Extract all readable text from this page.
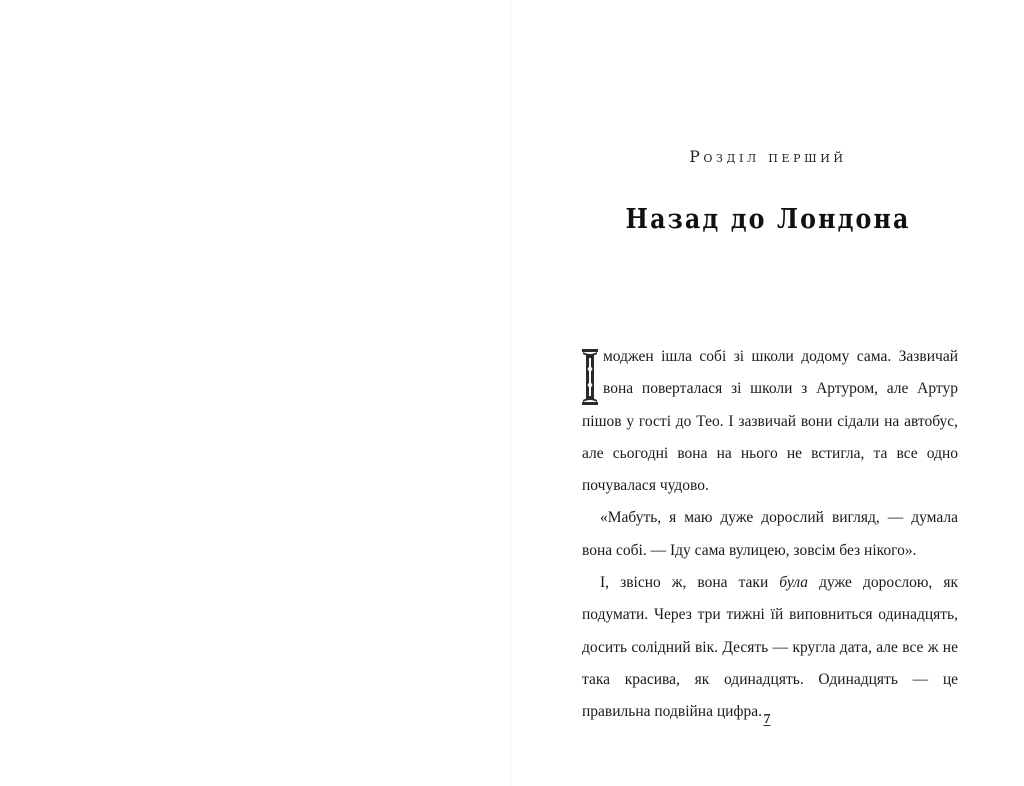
Розділ перший
Назад до Лондона

моджен ішла собі зі школи додому сама. Зазвичай вона поверталася зі школи з Артуром, але Артур пішов у гості до Тео. І зазвичай вони сідали на автобус, але сьогодні вона на нього не встигла, та все одно почувалася чудово.

«Мабуть, я маю дуже дорослий вигляд, — думала вона собі. — Іду сама вулицею, зовсім без нікого».

І, звісно ж, вона таки була дуже дорослою, як подумати. Через три тижні їй виповниться одинадцять, досить солідний вік. Десять — кругла дата, але все ж не така красива, як одинадцять. Одинадцять — це правильна подвійна цифра. 7
